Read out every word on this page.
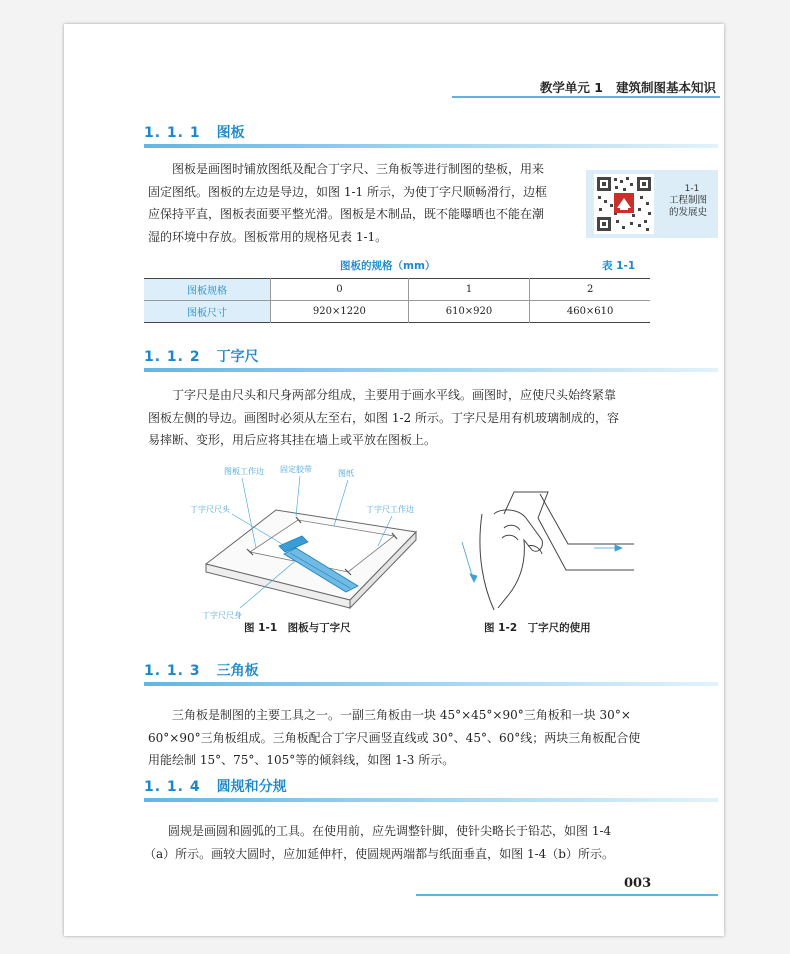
教学单元 1 建筑制图基本知识
1. 1. 1 图板

图板是画图时铺放图纸及配合丁字尺、三角板等进行制图的垫板，用来

固定图纸。图板的左边是导边，如图 1-1 所示，为使丁字尺顺畅滑行，边框

应保持平直，图板表面要平整光滑。图板是木制品，既不能曝晒也不能在潮

湿的环境中存放。图板常用的规格见表 1-1。

1-1
工程制图
的发展史
图板的规格（mm）	表 1-1
图板规格	0	1	2
图板尺寸	920×1220	610×920	460×610
1. 1. 2 丁字尺

丁字尺是由尺头和尺身两部分组成，主要用于画水平线。画图时，应使尺头始终紧靠

图板左侧的导边。画图时必须从左至右，如图 1-2 所示。丁字尺是用有机玻璃制成的，容

易摔断、变形，用后应将其挂在墙上或平放在图板上。

图板工作边 固定胶带	图纸
丁字尺尺头	丁字尺工作边
丁字尺尺身
图 1-1　图板与丁字尺	图 1-2　丁字尺的使用
1. 1. 3 三角板

三角板是制图的主要工具之一。一副三角板由一块 45°×45°×90°三角板和一块 30°×

60°×90°三角板组成。三角板配合丁字尺画竖直线或 30°、45°、60°线；两块三角板配合使

用能绘制 15°、75°、105°等的倾斜线，如图 1-3 所示。

1. 1. 4 圆规和分规

圆规是画圆和圆弧的工具。在使用前，应先调整针脚，使针尖略长于铅芯，如图 1-4

（a）所示。画较大圆时，应加延伸杆，使圆规两端都与纸面垂直，如图 1-4（b）所示。

003
